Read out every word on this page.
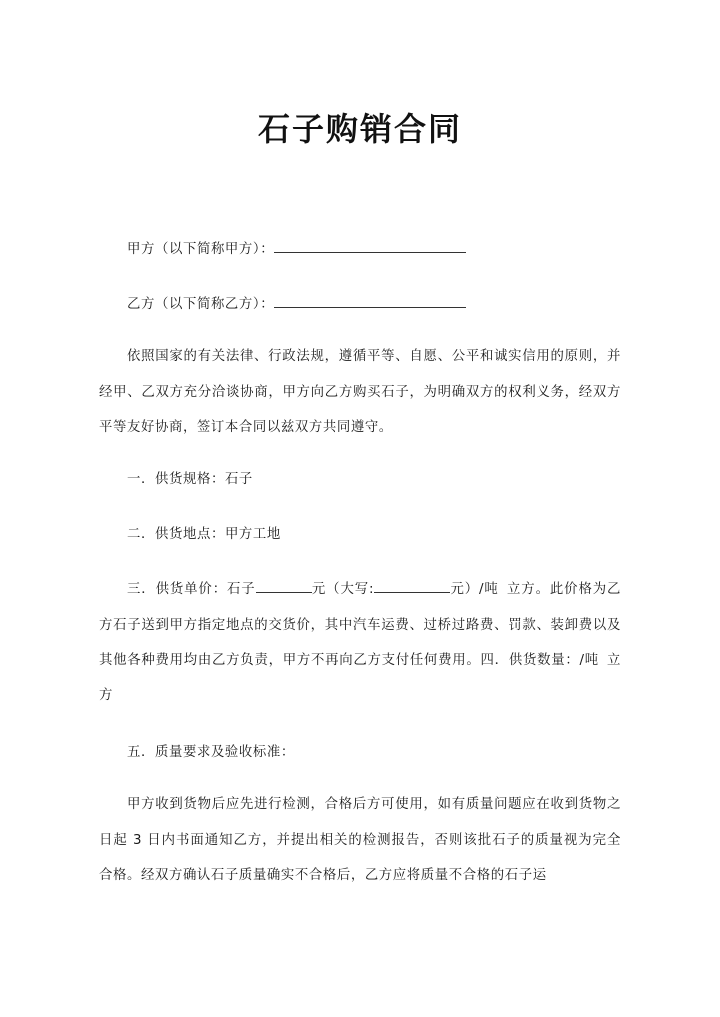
石子购销合同

甲方（以下简称甲方）：

乙方（以下简称乙方）：

依照国家的有关法律、行政法规，遵循平等、自愿、公平和诚实信用的原则，并经甲、乙双方充分洽谈协商，甲方向乙方购买石子，为明确双方的权利义务，经双方平等友好协商，签订本合同以兹双方共同遵守。

一．供货规格：石子

二．供货地点：甲方工地

三．供货单价：石子	元（大写:	元）/吨 立方。此价格为乙方石子送到甲方指定地点的交货价，其中汽车运费、过桥过路费、罚款、装卸费以及其他各种费用均由乙方负责，甲方不再向乙方支付任何费用。四．供货数量：/吨 立方

五．质量要求及验收标准：

甲方收到货物后应先进行检测，合格后方可使用，如有质量问题应在收到货物之日起 3 日内书面通知乙方，并提出相关的检测报告，否则该批石子的质量视为完全合格。经双方确认石子质量确实不合格后，乙方应将质量不合格的石子运
